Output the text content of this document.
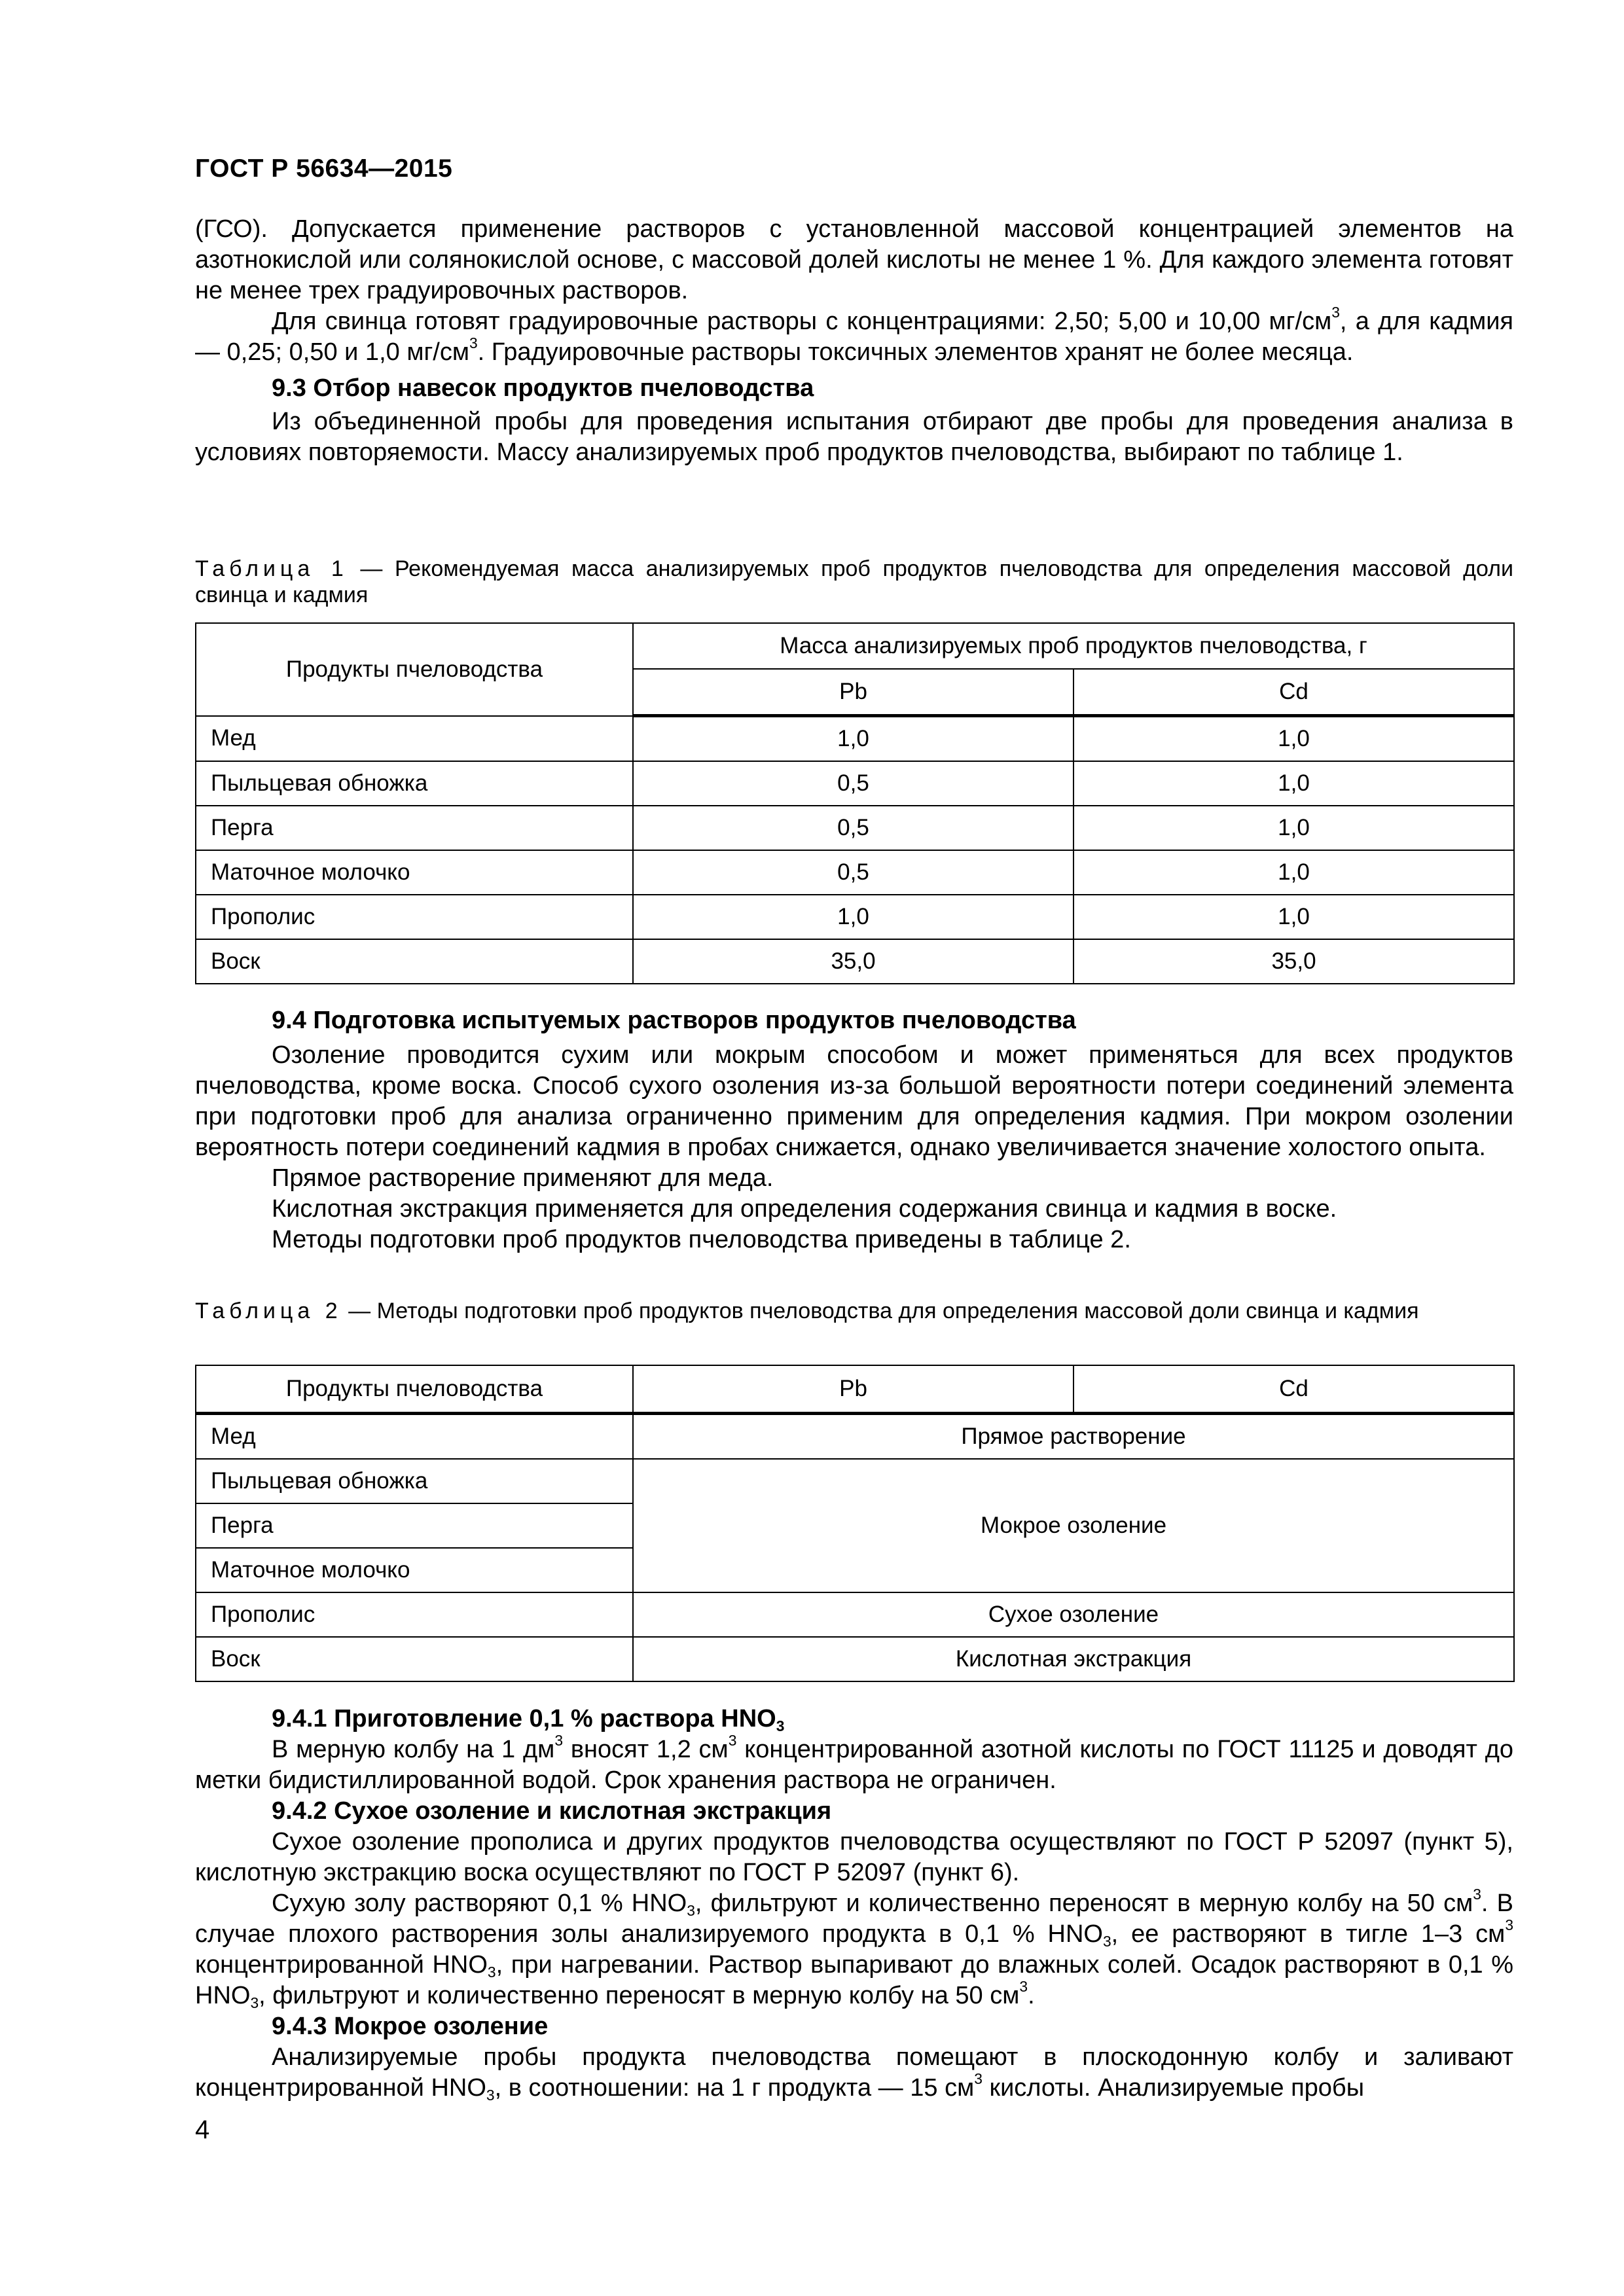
ГОСТ Р 56634—2015

(ГСО). Допускается применение растворов с установленной массовой концентрацией элементов на азотнокислой или солянокислой основе, с массовой долей кислоты не менее 1 %. Для каждого элемента готовят не менее трех градуировочных растворов.

Для свинца готовят градуировочные растворы с концентрациями: 2,50; 5,00 и 10,00 $мг/см^3$, а для кадмия — 0,25; 0,50 и 1,0 $мг/см^3$. Градуировочные растворы токсичных элементов хранят не более месяца.

9.3 Отбор навесок продуктов пчеловодства

Из объединенной пробы для проведения испытания отбирают две пробы для проведения анализа в условиях повторяемости. Массу анализируемых проб продуктов пчеловодства, выбирают по таблице 1.

Таблица 1 — Рекомендуемая масса анализируемых проб продуктов пчеловодства для определения массовой доли свинца и кадмия

Продукты пчеловодства	Масса анализируемых проб продуктов пчеловодства, г	
	Pb	Cd
Мед	1,0	1,0
Пыльцевая обножка	0,5	1,0
Перга	0,5	1,0
Маточное молочко	0,5	1,0
Прополис	1,0	1,0
Воск	35,0	35,0

9.4 Подготовка испытуемых растворов продуктов пчеловодства

Озоление проводится сухим или мокрым способом и может применяться для всех продуктов пчеловодства, кроме воска. Способ сухого озоления из-за большой вероятности потери соединений элемента при подготовки проб для анализа ограниченно применим для определения кадмия. При мокром озолении вероятность потери соединений кадмия в пробах снижается, однако увеличивается значение холостого опыта.

Прямое растворение применяют для меда.

Кислотная экстракция применяется для определения содержания свинца и кадмия в воске.

Методы подготовки проб продуктов пчеловодства приведены в таблице 2.

Таблица 2 — Методы подготовки проб продуктов пчеловодства для определения массовой доли свинца и кадмия

Продукты пчеловодства	Pb	Cd
Мед	Прямое растворение	
Пыльцевая обножка	Мокрое озоление	
Перга		
Маточное молочко		
Прополис	Сухое озоление	
Воск	Кислотная экстракция	

9.4.1 Приготовление 0,1 % раствора $HNO_3$

В мерную колбу на 1 $дм^3$ вносят 1,2 $см^3$ концентрированной азотной кислоты по ГОСТ 11125 и доводят до метки бидистиллированной водой. Срок хранения раствора не ограничен.

9.4.2 Сухое озоление и кислотная экстракция

Сухое озоление прополиса и других продуктов пчеловодства осуществляют по ГОСТ Р 52097 (пункт 5), кислотную экстракцию воска осуществляют по ГОСТ Р 52097 (пункт 6).

Сухую золу растворяют 0,1 % $HNO_3$, фильтруют и количественно переносят в мерную колбу на 50 $см^3$. В случае плохого растворения золы анализируемого продукта в 0,1 % $HNO_3$, ее растворяют в тигле 1–3 $см^3$ концентрированной $HNO_3$, при нагревании. Раствор выпаривают до влажных солей. Осадок растворяют в 0,1 % $HNO_3$, фильтруют и количественно переносят в мерную колбу на 50 $см^3$.

9.4.3 Мокрое озоление

Анализируемые пробы продукта пчеловодства помещают в плоскодонную колбу и заливают концентрированной $HNO_3$, в соотношении: на 1 г продукта — 15 $см^3$ кислоты. Анализируемые пробы

4
